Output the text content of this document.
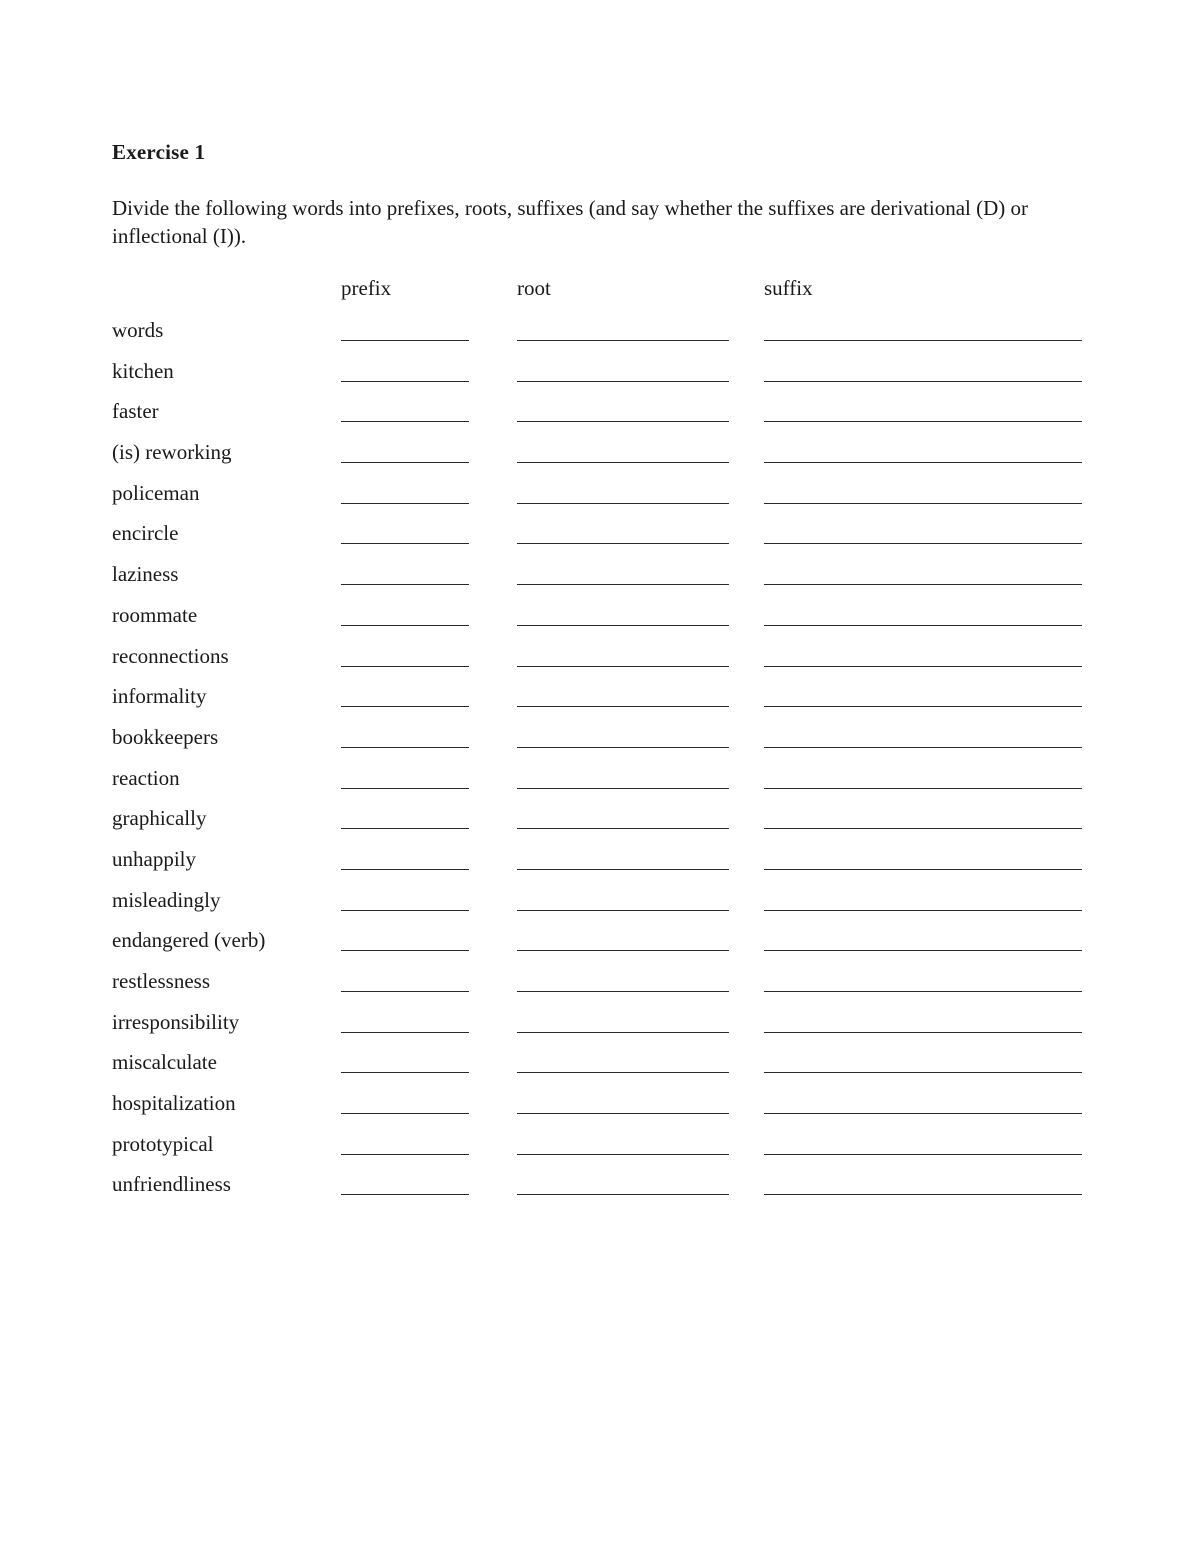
Exercise 1
Divide the following words into prefixes, roots, suffixes (and say whether the suffixes are derivational (D) or inflectional (I)).
prefix	root	suffix
words
kitchen
faster
(is) reworking
policeman
encircle
laziness
roommate
reconnections
informality
bookkeepers
reaction
graphically
unhappily
misleadingly
endangered (verb)
restlessness
irresponsibility
miscalculate
hospitalization
prototypical
unfriendliness
